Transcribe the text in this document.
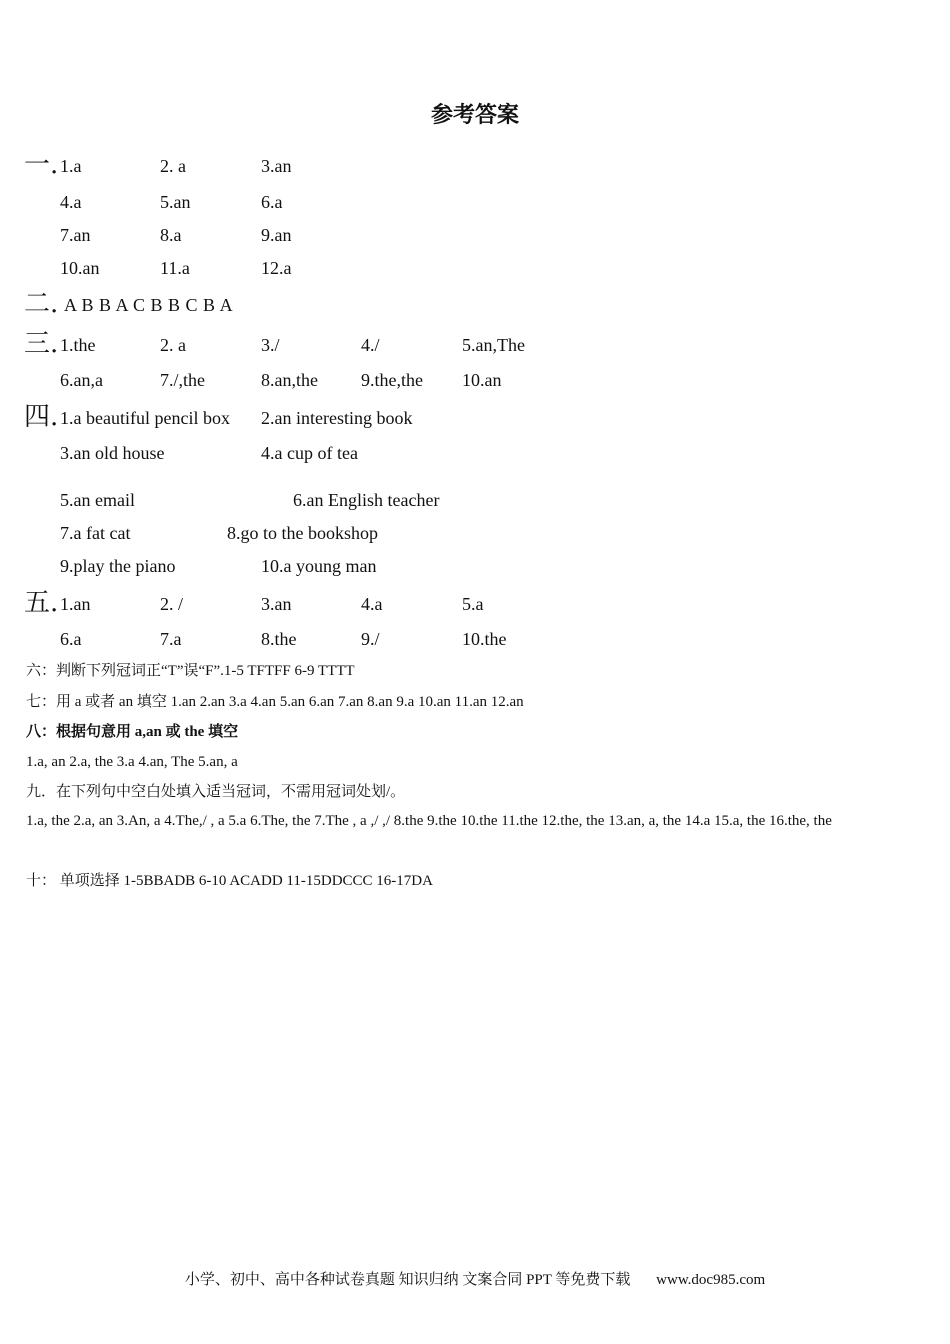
参考答案
一. 1.a	2. a	3.an
4.a	5.an	6.a
7.an	8.a	9.an
10.an	11.a	12.a
二. A B B A C B B C B A
三. 1.the	2. a	3./	4./	5.an,The
6.an,a	7./,the	8.an,the 9.the,the 10.an
四. 1.a beautiful pencil box 2.an interesting book
3.an old house	4.a cup of tea
5.an email	6.an English teacher
7.a fat cat	8.go to the bookshop
9.play the piano	10.a young man
五. 1.an	2. /	3.an	4.a	5.a
6.a	7.a	8.the	9./	10.the
六：判断下列冠词正“T”误“F”.1-5 TFTFF 6-9 TTTT
七：用 a 或者 an 填空 1.an 2.an 3.a 4.an 5.an 6.an 7.an 8.an 9.a 10.an 11.an 12.an
八：根据句意用 a,an 或 the 填空
1.a, an 2.a, the 3.a 4.an, The 5.an, a
九．在下列句中空白处填入适当冠词，不需用冠词处划/。
1.a, the 2.a, an 3.An, a 4.The,/ , a 5.a 6.The, the 7.The , a ,/ ,/ 8.the 9.the 10.the 11.the 12.the, the 13.an, a, the 14.a 15.a, the 16.the, the
十： 单项选择 1-5BBADB 6-10 ACADD 11-15DDCCC 16-17DA
小学、初中、高中各种试卷真题 知识归纳 文案合同 PPT 等免费下载 www.doc985.com
